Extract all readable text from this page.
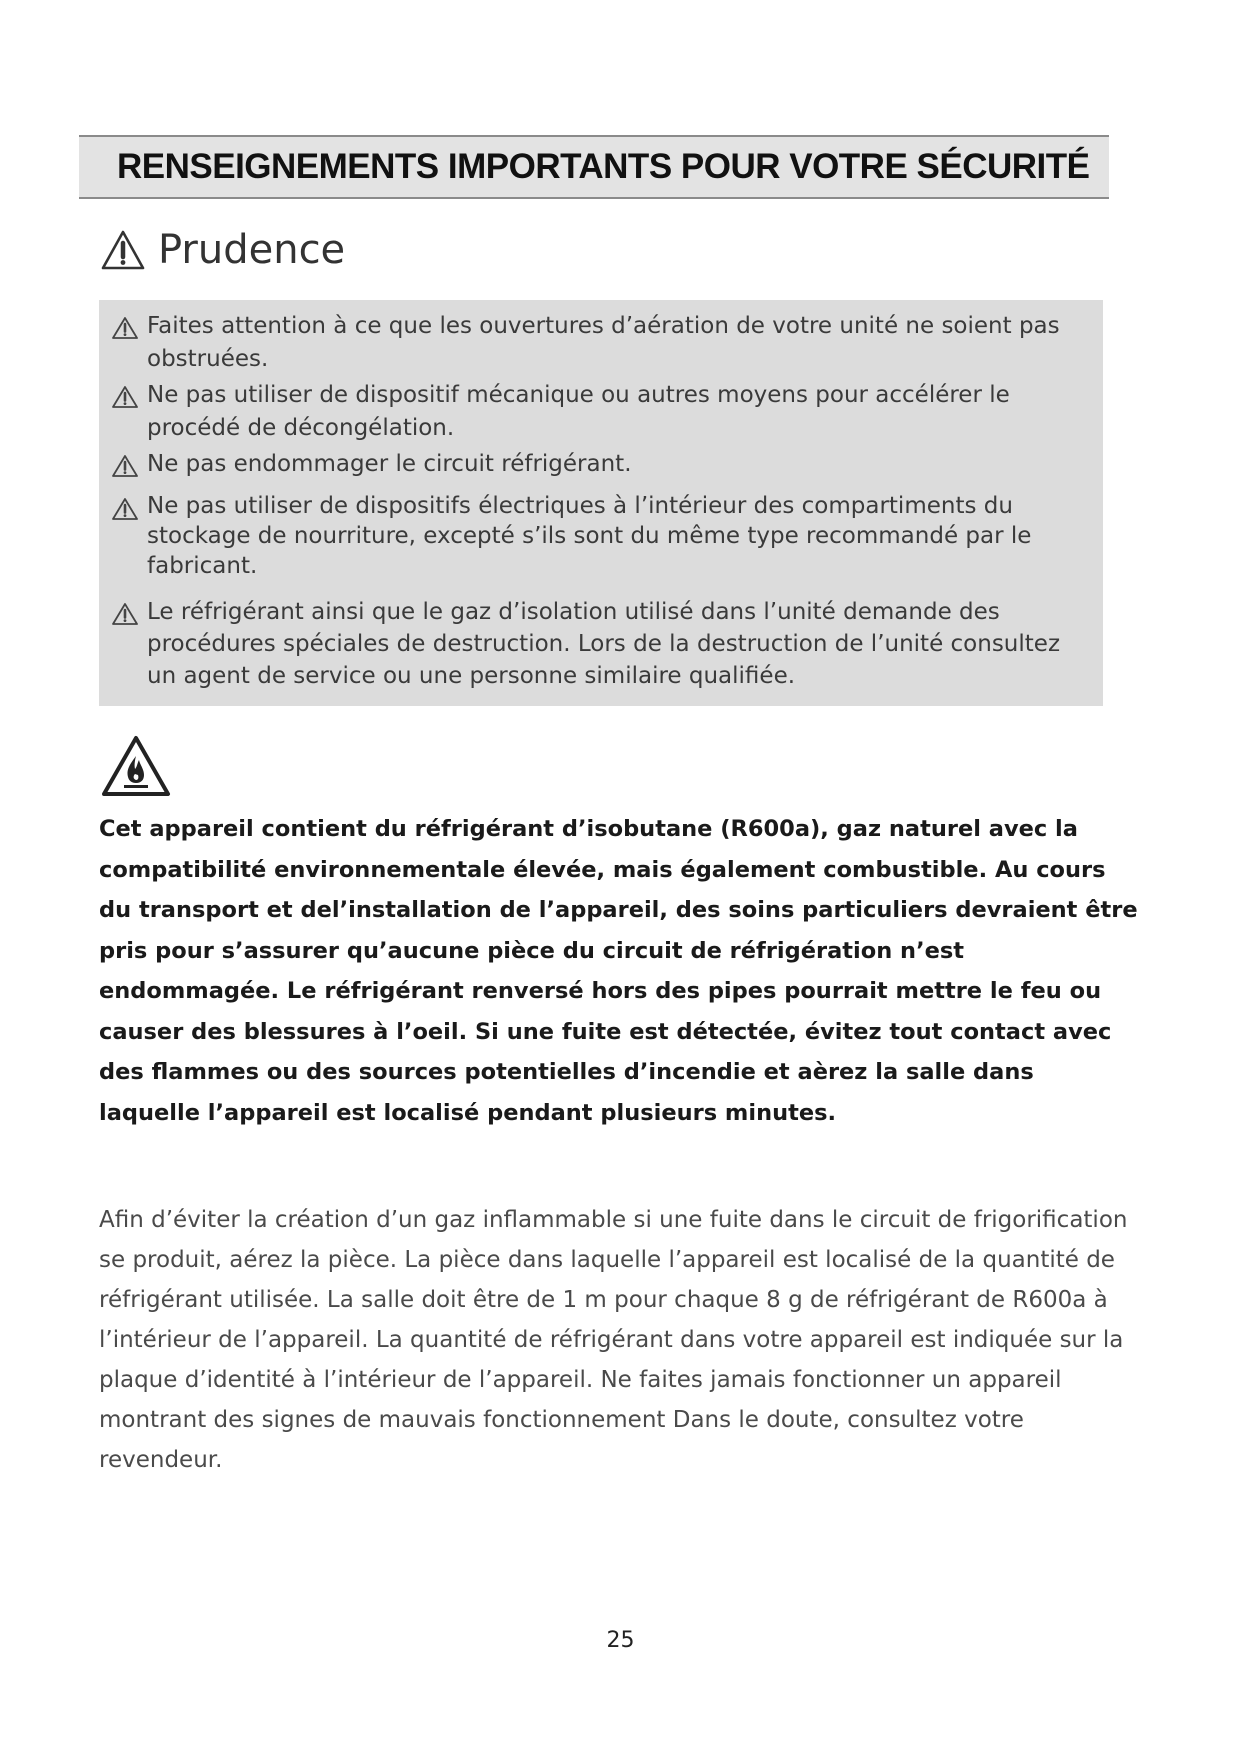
RENSEIGNEMENTS IMPORTANTS POUR VOTRE SÉCURITÉ
Prudence
Faites attention à ce que les ouvertures d’aération de votre unité ne soient pas obstruées.
Ne pas utiliser de dispositif mécanique ou autres moyens pour accélérer le procédé de décongélation.
Ne pas endommager le circuit réfrigérant.
Ne pas utiliser de dispositifs électriques à l’intérieur des compartiments du stockage de nourriture, excepté s’ils sont du même type recommandé par le fabricant.
Le réfrigérant ainsi que le gaz d’isolation utilisé dans l’unité demande des procédures spéciales de destruction. Lors de la destruction de l’unité consultez un agent de service ou une personne similaire qualifiée.

Cet appareil contient du réfrigérant d’isobutane (R600a), gaz naturel avec la compatibilité environnementale élevée, mais également combustible. Au cours du transport et del’installation de l’appareil, des soins particuliers devraient être pris pour s’assurer qu’aucune pièce du circuit de réfrigération n’est endommagée. Le réfrigérant renversé hors des pipes pourrait mettre le feu ou causer des blessures à l’oeil. Si une fuite est détectée, évitez tout contact avec des flammes ou des sources potentielles d’incendie et aèrez la salle dans laquelle l’appareil est localisé pendant plusieurs minutes.

Afin d’éviter la création d’un gaz inflammable si une fuite dans le circuit de frigorification se produit, aérez la pièce. La pièce dans laquelle l’appareil est localisé de la quantité de réfrigérant utilisée. La salle doit être de 1 m pour chaque 8 g de réfrigérant de R600a à l’intérieur de l’appareil. La quantité de réfrigérant dans votre appareil est indiquée sur la plaque d’identité à l’intérieur de l’appareil. Ne faites jamais fonctionner un appareil montrant des signes de mauvais fonctionnement Dans le doute, consultez votre revendeur.

25
